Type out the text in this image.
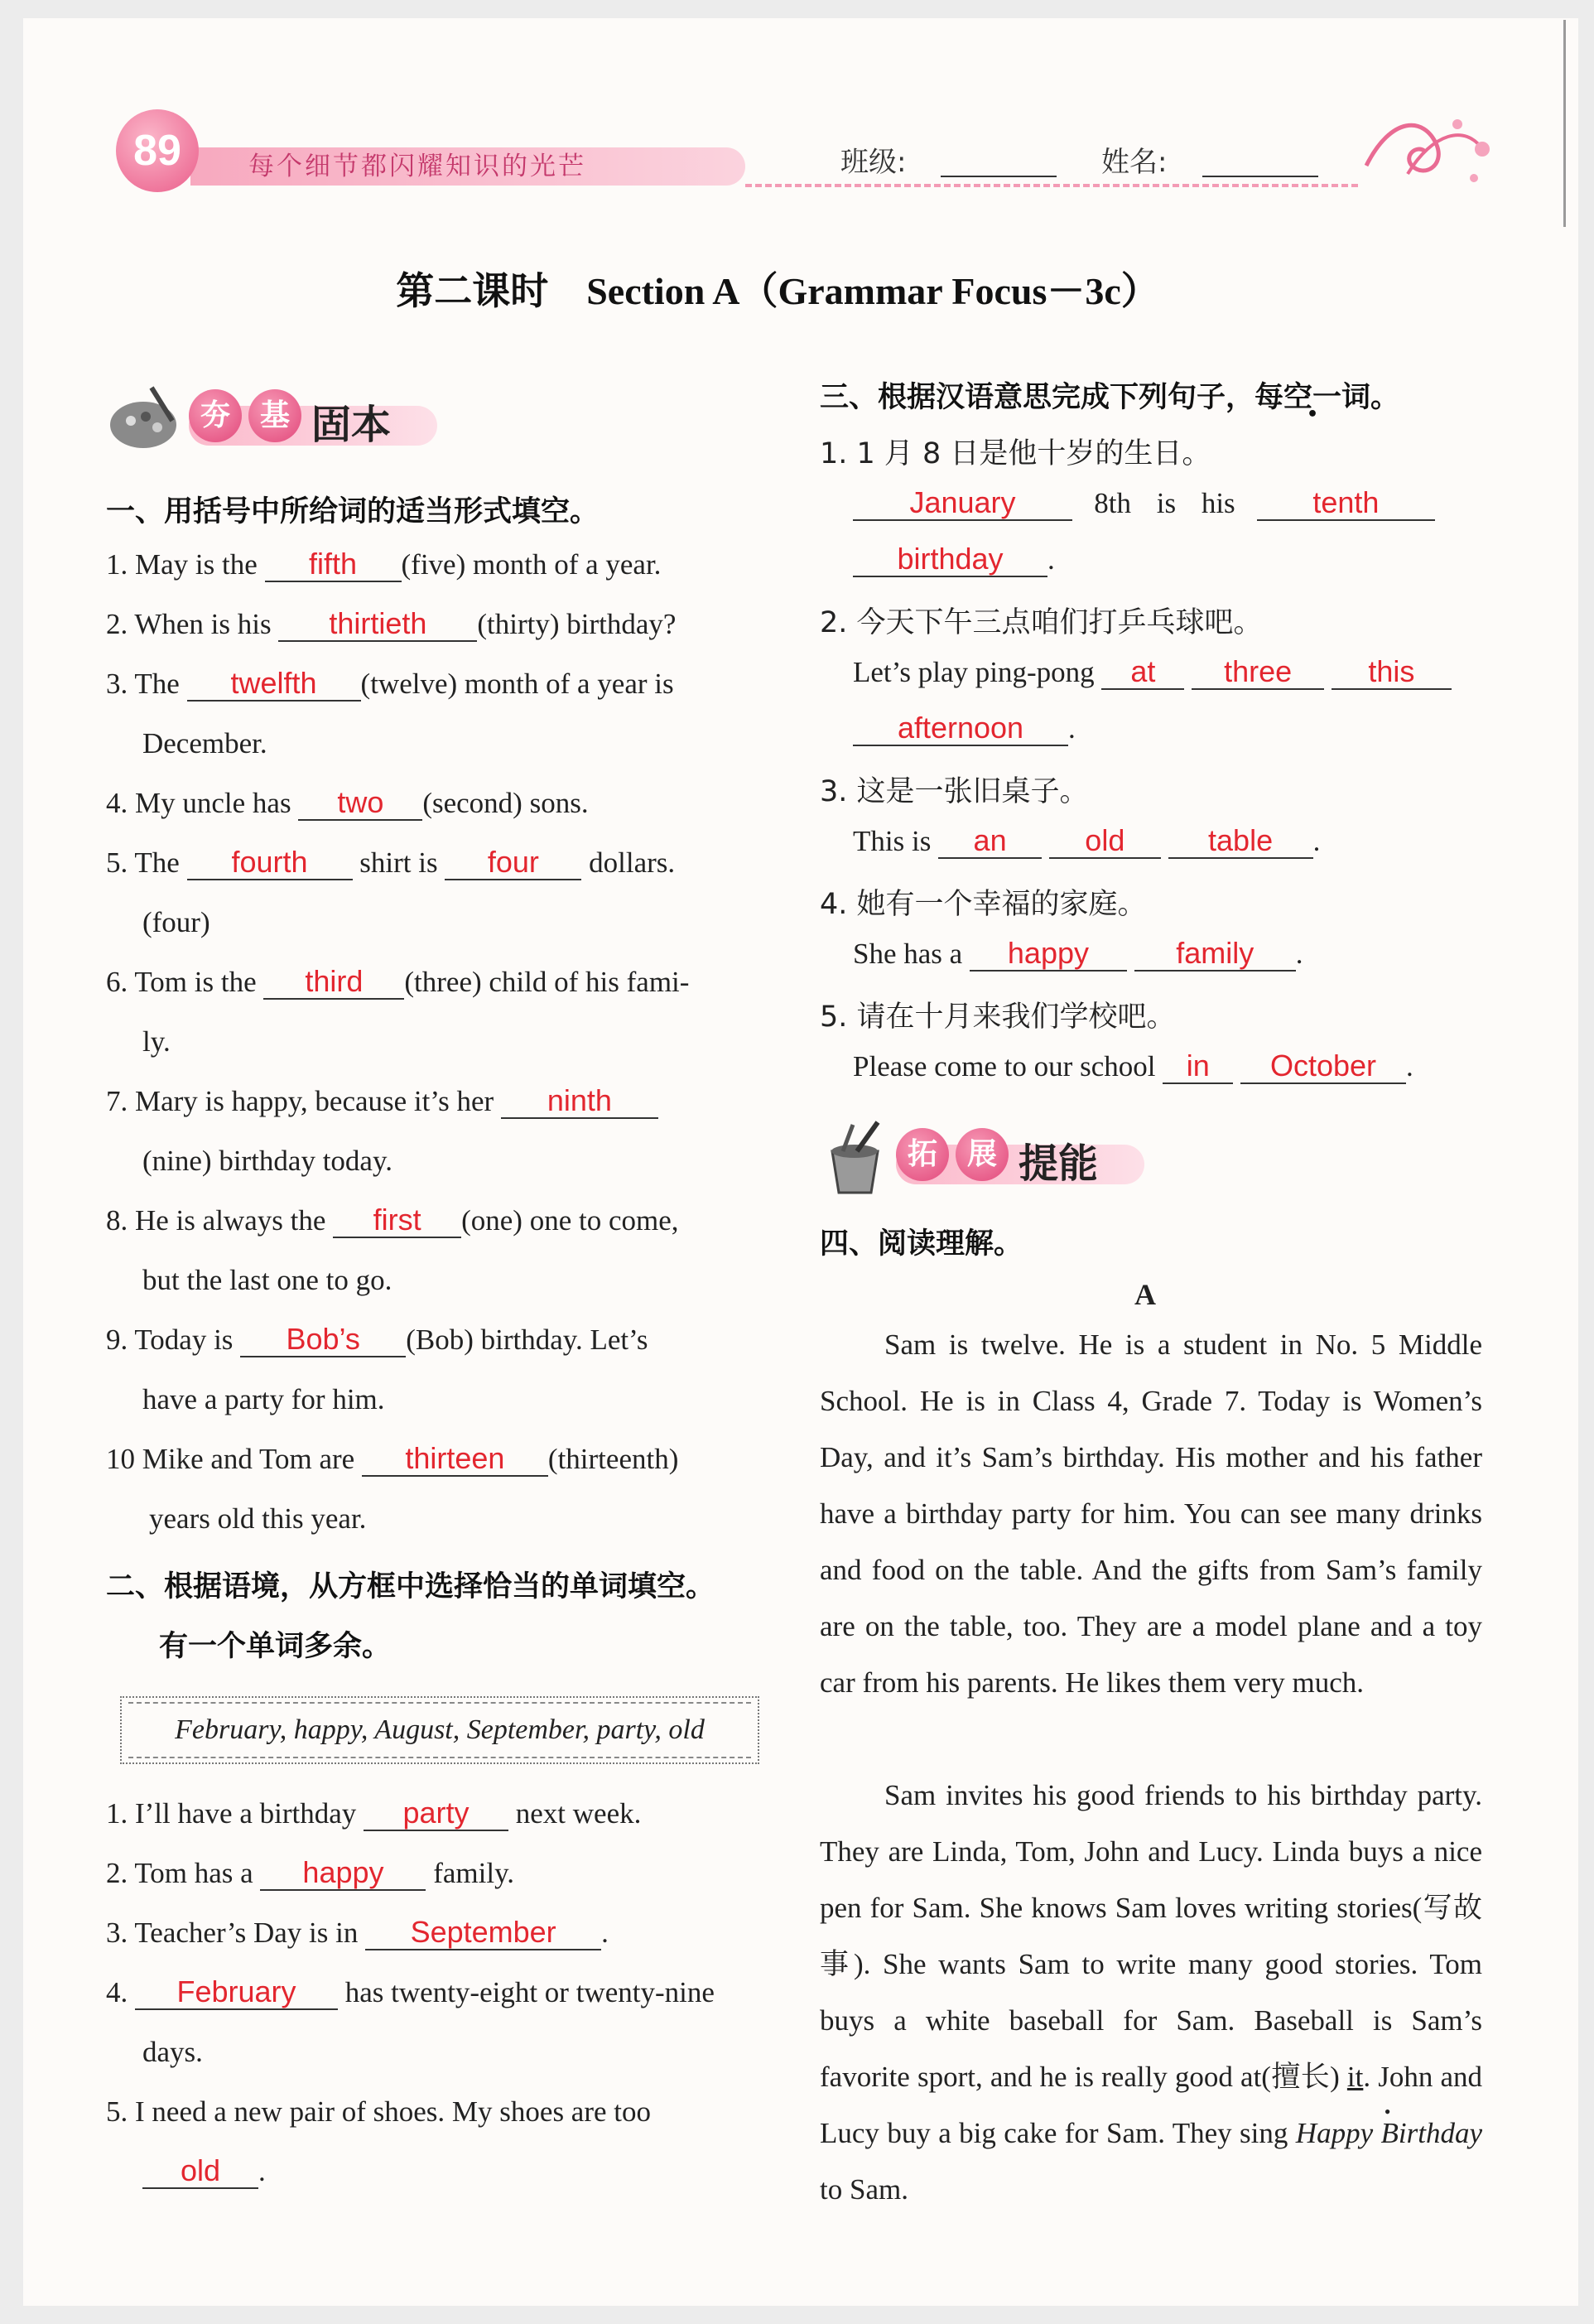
每个细节都闪耀知识的光芒
89	班级:	姓名:
第二课时　Section A（Grammar Focus－3c）
夯 基 固本
一、用括号中所给词的适当形式填空。
1. May is the fifth (five) month of a year.
2. When is his thirtieth (thirty) birthday?
3. The twelfth (twelve) month of a year is
December.
4. My uncle has two (second) sons.
5. The fourth shirt is four dollars.
(four)
6. Tom is the third (three) child of his fami-
ly.
7. Mary is happy, because it’s her ninth
(nine) birthday today.
8. He is always the first (one) one to come,
but the last one to go.
9. Today is Bob’s (Bob) birthday. Let’s
have a party for him.
10 Mike and Tom are thirteen (thirteenth)
years old this year.
二、根据语境，从方框中选择恰当的单词填空。
有一个单词多余。
February, happy, August, September, party, old
1. I’ll have a birthday party next week.
2. Tom has a happy family.
3. Teacher’s Day is in September .
4. February has twenty-eight or twenty-nine
days.
5. I need a new pair of shoes. My shoes are too
old .
三、根据汉语意思完成下列句子，每空一词。
1. 1 月 8 日是他十岁的生日。
January	8th is his	tenth
birthday .
2. 今天下午三点咱们打乒乓球吧。
Let’s play ping-pong at three	this
afternoon .
3. 这是一张旧桌子。
This is an	old	table .
4. 她有一个幸福的家庭。
She has a happy	family .
5. 请在十月来我们学校吧。
Please come to our school in October .
拓 展 提能
四、阅读理解。
A
Sam is twelve. He is a student in No. 5 Middle School. He is in Class 4, Grade 7. Today is Women’s Day, and it’s Sam’s birthday. His mother and his father have a birthday party for him. You can see many drinks and food on the table. And the gifts from Sam’s family are on the table, too. They are a model plane and a toy car from his parents. He likes them very much.
Sam invites his good friends to his birthday party. They are Linda, Tom, John and Lucy. Linda buys a nice pen for Sam. She knows Sam loves writing stories(写故事). She wants Sam to write many good stories. Tom buys a white baseball for Sam. Baseball is Sam’s favorite sport, and he is really good at(擅长) it •. John and Lucy buy a big cake for Sam. They sing Happy Birthday to Sam.
